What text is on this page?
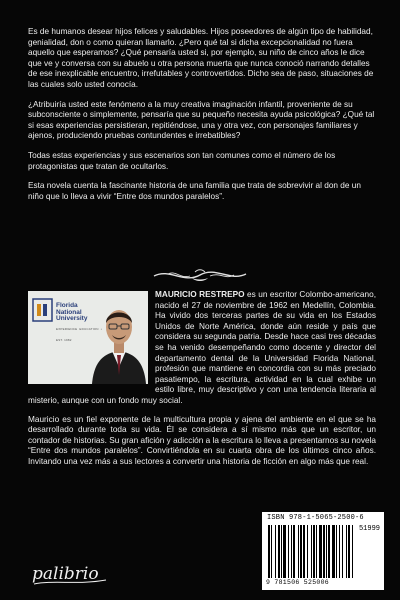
Es de humanos desear hijos felices y saludables. Hijos poseedores de algún tipo de habilidad, genialidad, don o como quieran llamarlo. ¿Pero qué tal si dicha excepcionalidad no fuera aquello que esperamos? ¿Qué pensaría usted si, por ejemplo, su niño de cinco años le dice que ve y conversa con su abuelo u otra persona muerta que nunca conoció narrando detalles de ese inexplicable encuentro, irrefutables y controvertidos. Dicho sea de paso, situaciones de las cuales solo usted conocía.

¿Atribuiría usted este fenómeno a la muy creativa imaginación infantil, proveniente de su subconsciente o simplemente, pensaría que su pequeño necesita ayuda psicológica? ¿Qué tal si esas experiencias persistieran, repitiéndose, una y otra vez, con personajes familiares y ajenos, produciendo pruebas contundentes e irrebatibles?

Todas estas experiencias y sus escenarios son tan comunes como el número de los protagonistas que tratan de ocultarlos.

Esta novela cuenta la fascinante historia de una familia que trata de sobrevivir al don de un niño que lo lleva a vivir “Entre dos mundos paralelos”.

Florida
National
University
EXPERIENCE EDUCATION • EST. 1982

MAURICIO RESTREPO es un escritor Colombo-americano, nacido el 27 de noviembre de 1962 en Medellín, Colombia. Ha vivido dos terceras partes de su vida en los Estados Unidos de Norte América, donde aún reside y país que considera su segunda patria. Desde hace casi tres décadas se ha venido desempeñando como docente y director del departamento dental de la Universidad Florida National, profesión que mantiene en concordia con su más preciado pasatiempo, la escritura, actividad en la cual exhibe un estilo libre, muy descriptivo y con una tendencia literaria al misterio, aunque con un fondo muy social.

Mauricio es un fiel exponente de la multicultura propia y ajena del ambiente en el que se ha desarrollado durante toda su vida. Él se considera a sí mismo más que un escritor, un contador de historias. Su gran afición y adicción a la escritura lo lleva a presentarnos su novela “Entre dos mundos paralelos”. Convirtiéndola en su cuarta obra de los últimos cinco años. Invitando una vez más a sus lectores a convertir una historia de ficción en algo más que real.

palibrio
ISBN 978-1-5065-2500-6
51999
9 781506 525006
